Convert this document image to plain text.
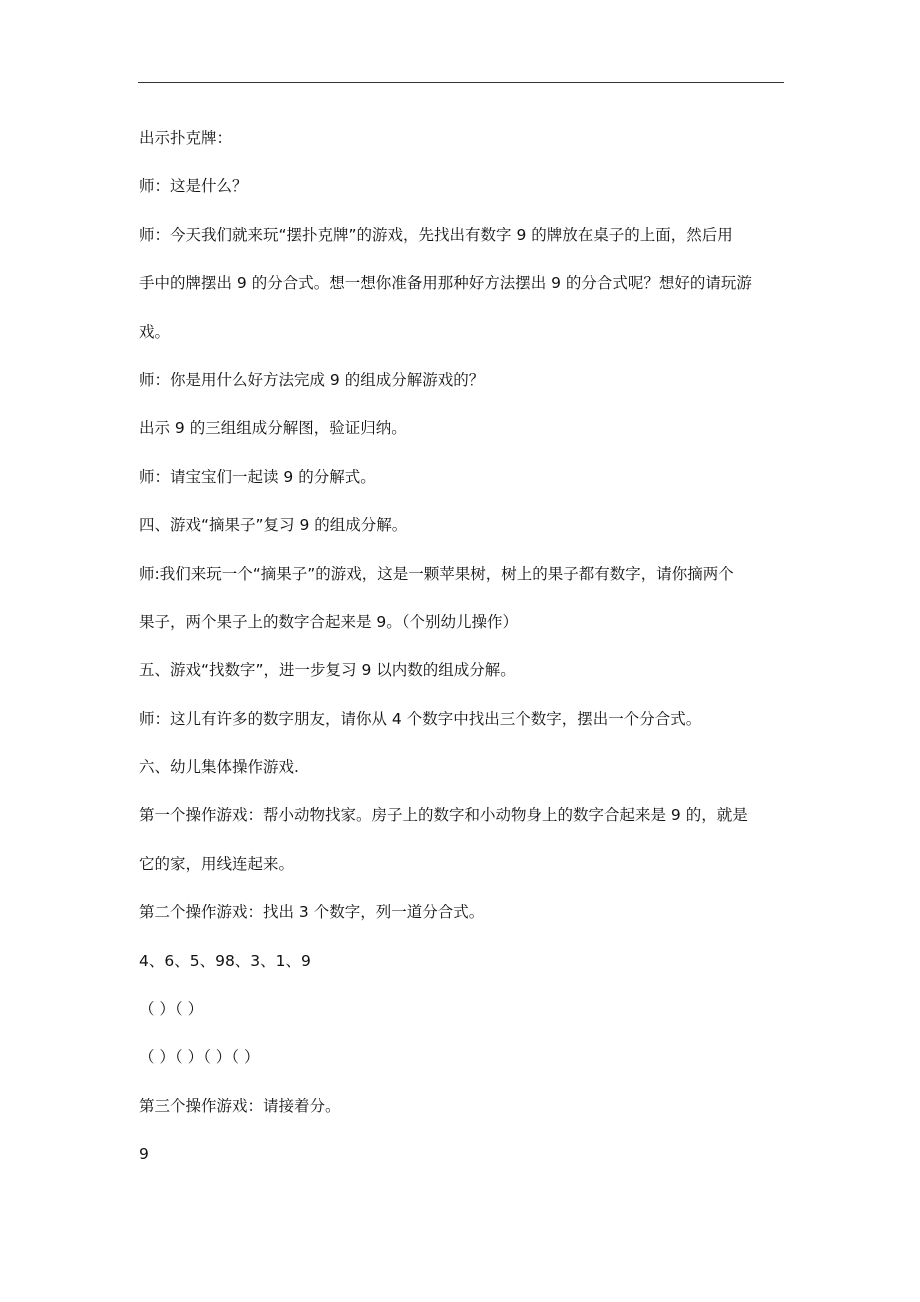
出示扑克牌：
师：这是什么？
师：今天我们就来玩“摆扑克牌”的游戏，先找出有数字 9 的牌放在桌子的上面，然后用
手中的牌摆出 9 的分合式。想一想你准备用那种好方法摆出 9 的分合式呢？想好的请玩游
戏。
师：你是用什么好方法完成 9 的组成分解游戏的？
出示 9 的三组组成分解图，验证归纳。
师：请宝宝们一起读 9 的分解式。
四、游戏“摘果子”复习 9 的组成分解。
师:我们来玩一个“摘果子”的游戏，这是一颗苹果树，树上的果子都有数字，请你摘两个
果子，两个果子上的数字合起来是 9。（个别幼儿操作）
五、游戏“找数字”，进一步复习 9 以内数的组成分解。
师：这儿有许多的数字朋友，请你从 4 个数字中找出三个数字，摆出一个分合式。
六、幼儿集体操作游戏.
第一个操作游戏：帮小动物找家。房子上的数字和小动物身上的数字合起来是 9 的，就是
它的家，用线连起来。
第二个操作游戏：找出 3 个数字，列一道分合式。
4、6、5、98、3、1、9
（ ）（ ）
（ ）（ ）（ ）（ ）
第三个操作游戏：请接着分。
9
